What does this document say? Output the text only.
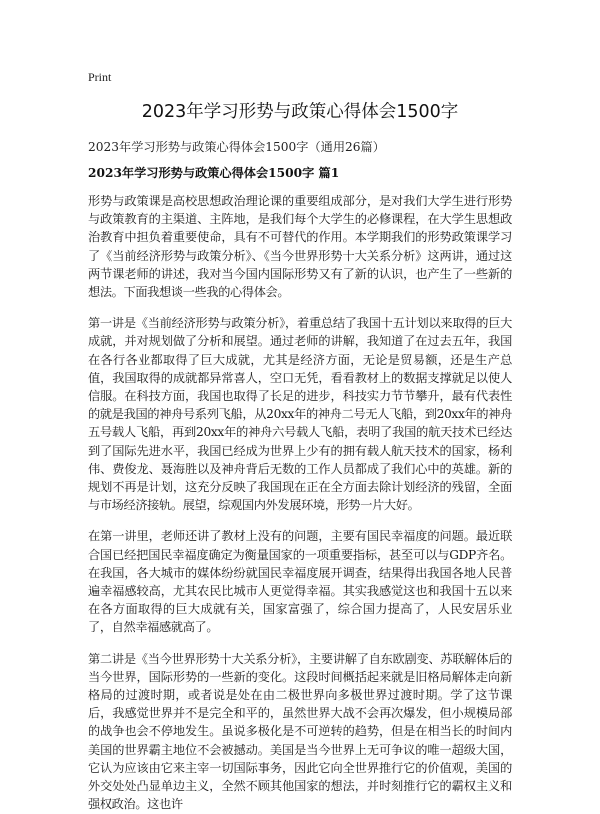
Print
2023年学习形势与政策心得体会1500字
2023年学习形势与政策心得体会1500字（通用26篇）
2023年学习形势与政策心得体会1500字 篇1

形势与政策课是高校思想政治理论课的重要组成部分，是对我们大学生进行形势与政策教育的主渠道、主阵地，是我们每个大学生的必修课程，在大学生思想政治教育中担负着重要使命，具有不可替代的作用。本学期我们的形势政策课学习了《当前经济形势与政策分析》、《当今世界形势十大关系分析》这两讲，通过这两节课老师的讲述，我对当今国内国际形势又有了新的认识，也产生了一些新的想法。下面我想谈一些我的心得体会。

第一讲是《当前经济形势与政策分析》，着重总结了我国十五计划以来取得的巨大成就，并对规划做了分析和展望。通过老师的讲解，我知道了在过去五年，我国在各行各业都取得了巨大成就，尤其是经济方面，无论是贸易额，还是生产总值，我国取得的成就都异常喜人，空口无凭，看看教材上的数据支撑就足以使人信服。在科技方面，我国也取得了长足的进步，科技实力节节攀升，最有代表性的就是我国的神舟号系列飞船，从20xx年的神舟二号无人飞船，到20xx年的神舟五号载人飞船，再到20xx年的神舟六号载人飞船，表明了我国的航天技术已经达到了国际先进水平，我国已经成为世界上少有的拥有载人航天技术的国家，杨利伟、费俊龙、聂海胜以及神舟背后无数的工作人员都成了我们心中的英雄。新的规划不再是计划，这充分反映了我国现在正在全方面去除计划经济的残留，全面与市场经济接轨。展望，综观国内外发展环境，形势一片大好。

在第一讲里，老师还讲了教材上没有的问题，主要有国民幸福度的问题。最近联合国已经把国民幸福度确定为衡量国家的一项重要指标，甚至可以与GDP齐名。在我国，各大城市的媒体纷纷就国民幸福度展开调查，结果得出我国各地人民普遍幸福感较高，尤其农民比城市人更觉得幸福。其实我感觉这也和我国十五以来在各方面取得的巨大成就有关，国家富强了，综合国力提高了，人民安居乐业了，自然幸福感就高了。

第二讲是《当今世界形势十大关系分析》，主要讲解了自东欧剧变、苏联解体后的当今世界，国际形势的一些新的变化。这段时间概括起来就是旧格局解体走向新格局的过渡时期，或者说是处在由二极世界向多极世界过渡时期。学了这节课后，我感觉世界并不是完全和平的，虽然世界大战不会再次爆发，但小规模局部的战争也会不停地发生。虽说多极化是不可逆转的趋势，但是在相当长的时间内美国的世界霸主地位不会被撼动。美国是当今世界上无可争议的唯一超级大国，它认为应该由它来主宰一切国际事务，因此它向全世界推行它的价值观，美国的外交处处凸显单边主义，全然不顾其他国家的想法，并时刻推行它的霸权主义和强权政治。这也许
